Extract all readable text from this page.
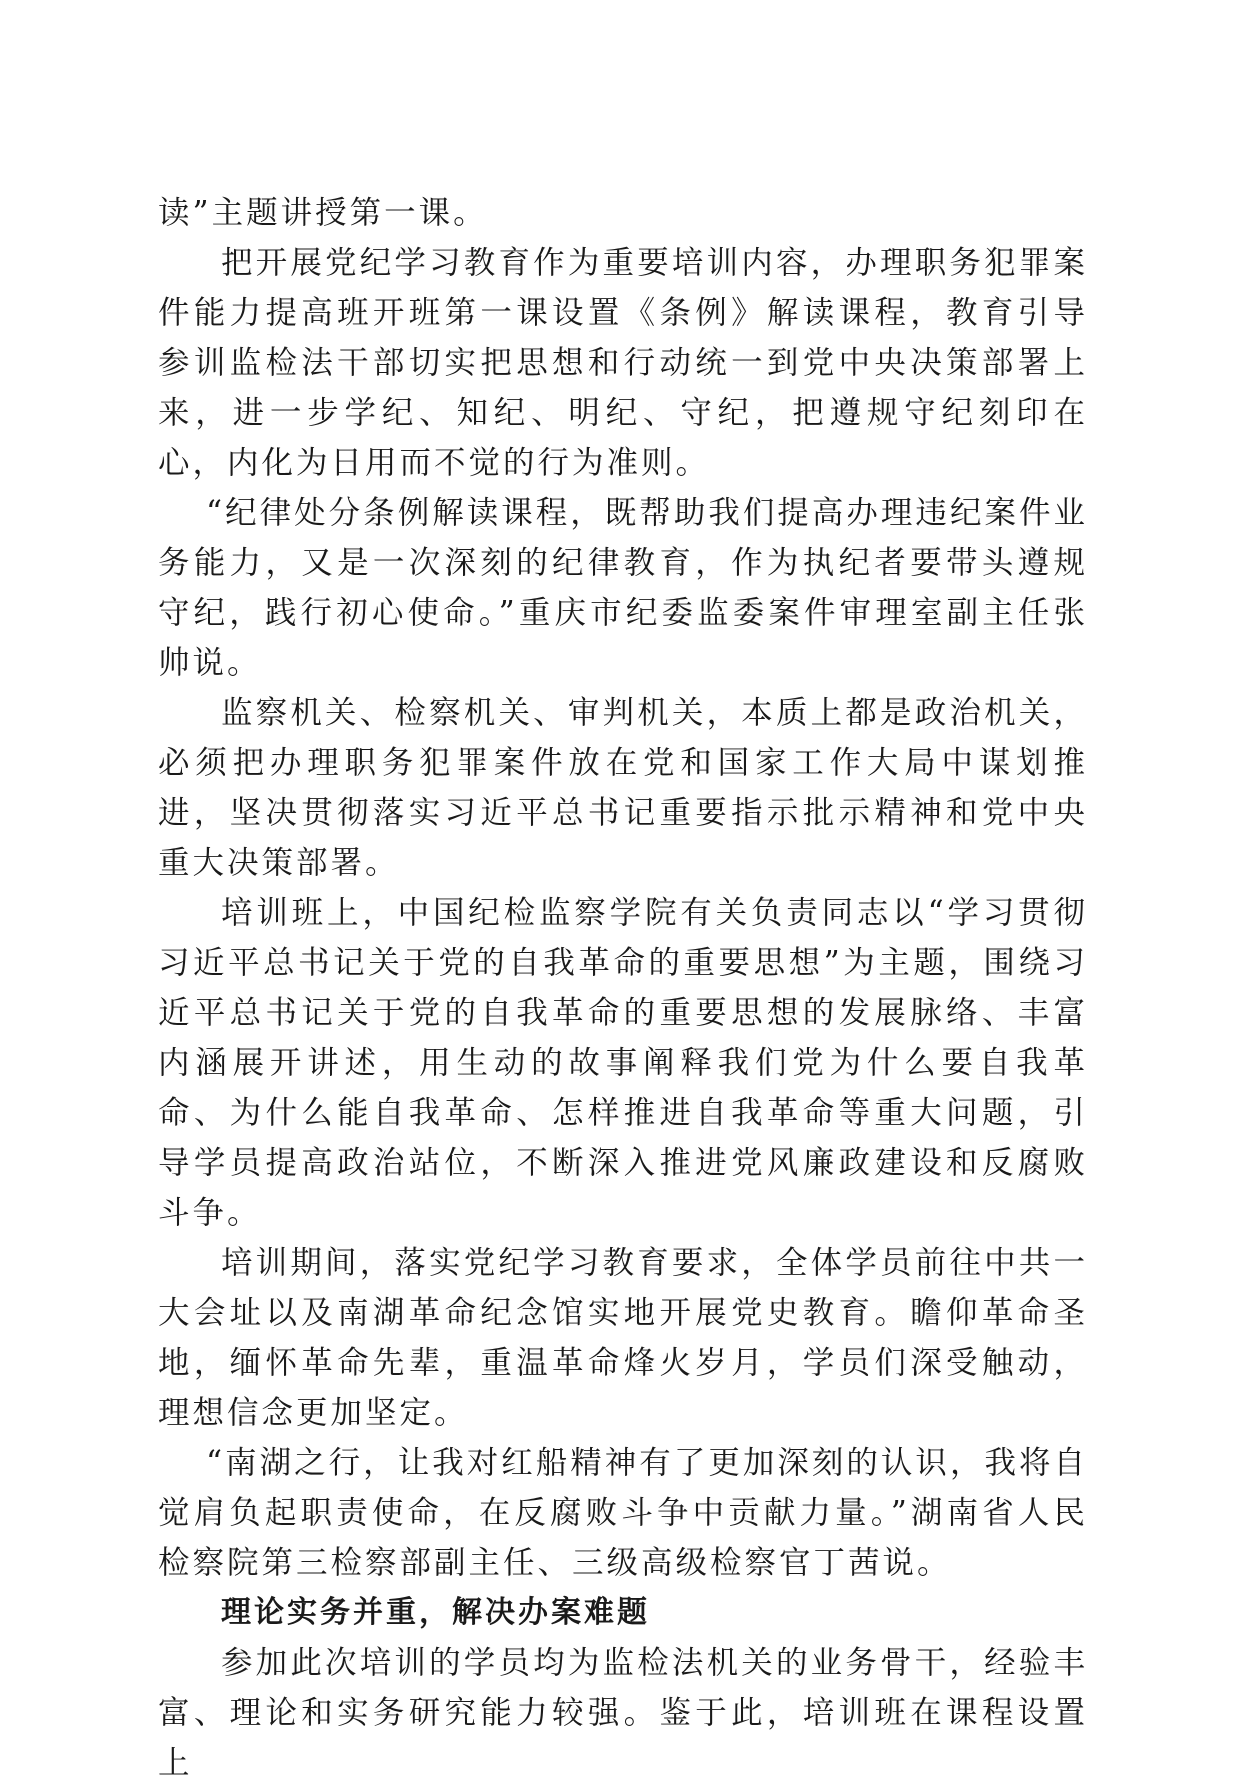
读”主题讲授第一课。

把开展党纪学习教育作为重要培训内容，办理职务犯罪案件能力提高班开班第一课设置《条例》解读课程，教育引导参训监检法干部切实把思想和行动统一到党中央决策部署上来，进一步学纪、知纪、明纪、守纪，把遵规守纪刻印在心，内化为日用而不觉的行为准则。

“纪律处分条例解读课程，既帮助我们提高办理违纪案件业务能力，又是一次深刻的纪律教育，作为执纪者要带头遵规守纪，践行初心使命。”重庆市纪委监委案件审理室副主任张帅说。

监察机关、检察机关、审判机关，本质上都是政治机关，必须把办理职务犯罪案件放在党和国家工作大局中谋划推进，坚决贯彻落实习近平总书记重要指示批示精神和党中央重大决策部署。

培训班上，中国纪检监察学院有关负责同志以“学习贯彻习近平总书记关于党的自我革命的重要思想”为主题，围绕习近平总书记关于党的自我革命的重要思想的发展脉络、丰富内涵展开讲述，用生动的故事阐释我们党为什么要自我革命、为什么能自我革命、怎样推进自我革命等重大问题，引导学员提高政治站位，不断深入推进党风廉政建设和反腐败斗争。

培训期间，落实党纪学习教育要求，全体学员前往中共一大会址以及南湖革命纪念馆实地开展党史教育。瞻仰革命圣地，缅怀革命先辈，重温革命烽火岁月，学员们深受触动，理想信念更加坚定。

“南湖之行，让我对红船精神有了更加深刻的认识，我将自觉肩负起职责使命，在反腐败斗争中贡献力量。”湖南省人民检察院第三检察部副主任、三级高级检察官丁茜说。

理论实务并重，解决办案难题

参加此次培训的学员均为监检法机关的业务骨干，经验丰富、理论和实务研究能力较强。鉴于此，培训班在课程设置上
